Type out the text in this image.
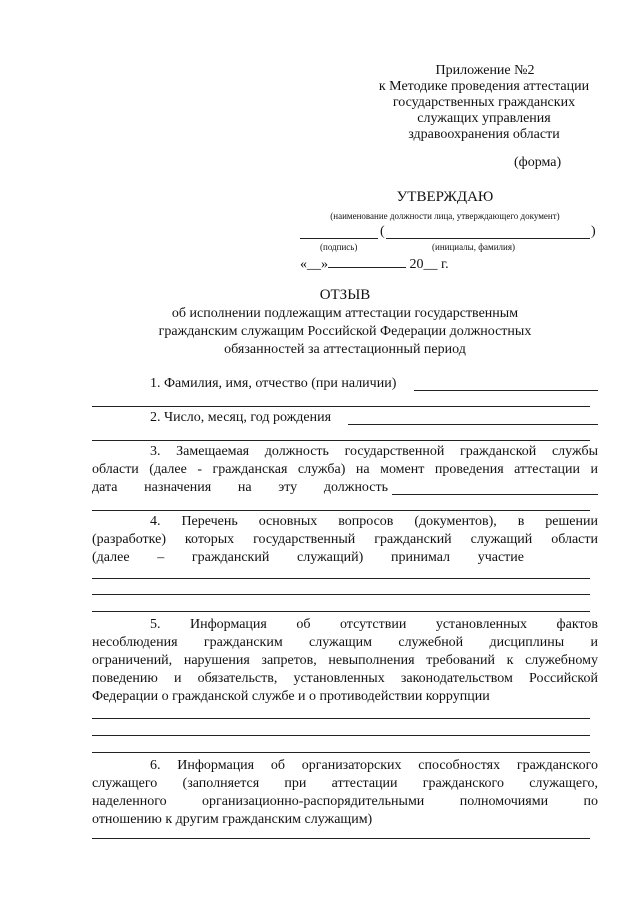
Приложение №2
к Методике проведения аттестации
государственных гражданских
служащих управления
здравоохранения области
(форма)
УТВЕРЖДАЮ
(наименование должности лица, утверждающего документ)
(	)
(подпись)	(инициалы, фамилия)
«__»	20__ г.
ОТЗЫВ
об исполнении подлежащим аттестации государственным
гражданским служащим Российской Федерации должностных
обязанностей за аттестационный период
1. Фамилия, имя, отчество (при наличии)
2. Число, месяц, год рождения
3. Замещаемая должность государственной гражданской службы
области (далее - гражданская служба) на момент проведения аттестации и
дата назначения на эту должность
4. Перечень основных вопросов (документов), в решении
(разработке) которых государственный гражданский служащий области
(далее – гражданский служащий) принимал участие
5. Информация об отсутствии установленных фактов
несоблюдения гражданским служащим служебной дисциплины и
ограничений, нарушения запретов, невыполнения требований к служебному
поведению и обязательств, установленных законодательством Российской
Федерации о гражданской службе и о противодействии коррупции
6. Информация об организаторских способностях гражданского
служащего (заполняется при аттестации гражданского служащего,
наделенного организационно-распорядительными полномочиями по
отношению к другим гражданским служащим)
